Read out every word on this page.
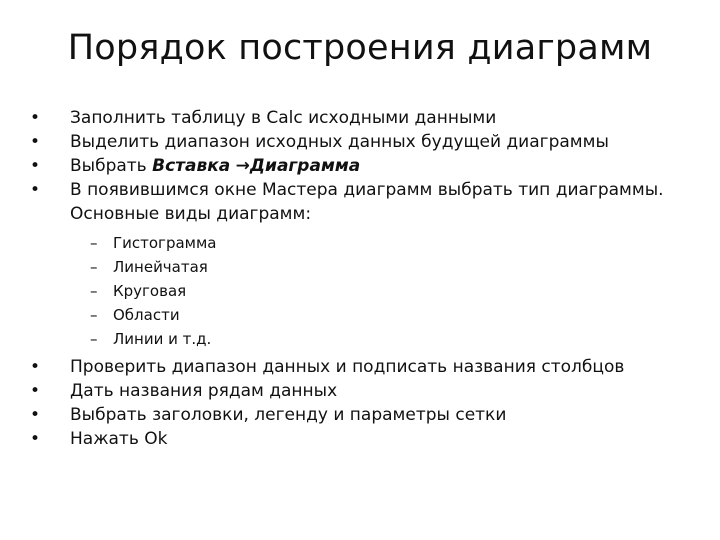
Порядок построения диаграмм
• Заполнить таблицу в Calc исходными данными
• Выделить диапазон исходных данных будущей диаграммы
• Выбрать Вставка →Диаграмма
• В появившимся окне Мастера диаграмм выбрать тип диаграммы. Основные виды диаграмм:
– Гистограмма
– Линейчатая
– Круговая
– Области
– Линии и т.д.
• Проверить диапазон данных и подписать названия столбцов
• Дать названия рядам данных
• Выбрать заголовки, легенду и параметры сетки
• Нажать Ok
